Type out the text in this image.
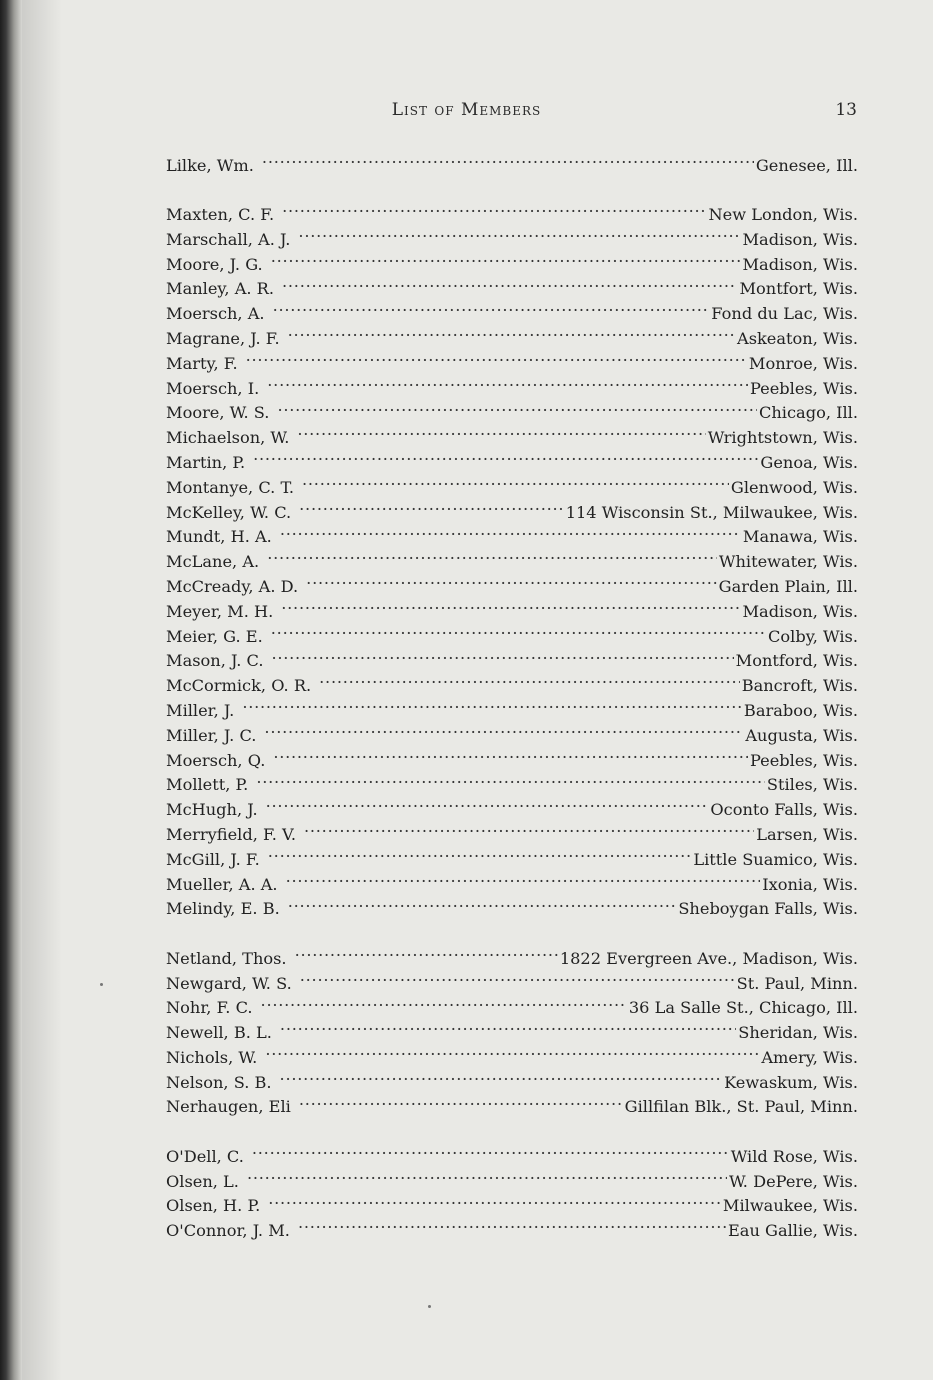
List of Members	13
Lilke, Wm. . . .	Genesee, Ill.
Maxten, C. F. . . .	New London, Wis.
Marschall, A. J. . . .	Madison, Wis.
Moore, J. G. . . .	Madison, Wis.
Manley, A. R. . . .	Montfort, Wis.
Moersch, A. . . .	Fond du Lac, Wis.
Magrane, J. F. . . .	Askeaton, Wis.
Marty, F. . . .	Monroe, Wis.
Moersch, I. . . .	Peebles, Wis.
Moore, W. S. . . .	Chicago, Ill.
Michaelson, W. . . .	Wrightstown, Wis.
Martin, P. . . .	Genoa, Wis.
Montanye, C. T. . . .	Glenwood, Wis.
McKelley, W. C. . . .	114 Wisconsin St., Milwaukee, Wis.
Mundt, H. A. . . .	Manawa, Wis.
McLane, A. . . .	Whitewater, Wis.
McCready, A. D. . . .	Garden Plain, Ill.
Meyer, M. H. . . .	Madison, Wis.
Meier, G. E. . . .	Colby, Wis.
Mason, J. C. . . .	Montford, Wis.
McCormick, O. R. . . .	Bancroft, Wis.
Miller, J. . . .	Baraboo, Wis.
Miller, J. C. . . .	Augusta, Wis.
Moersch, Q. . . .	Peebles, Wis.
Mollett, P. . . .	Stiles, Wis.
McHugh, J. . . .	Oconto Falls, Wis.
Merryfield, F. V. . . .	Larsen, Wis.
McGill, J. F. . . .	Little Suamico, Wis.
Mueller, A. A. . . .	Ixonia, Wis.
Melindy, E. B. . . .	Sheboygan Falls, Wis.
Netland, Thos. . . .	1822 Evergreen Ave., Madison, Wis.
Newgard, W. S. . . .	St. Paul, Minn.
Nohr, F. C. . . .	36 La Salle St., Chicago, Ill.
Newell, B. L. . . .	Sheridan, Wis.
Nichols, W. . . .	Amery, Wis.
Nelson, S. B. . . .	Kewaskum, Wis.
Nerhaugen, Eli . . .	Gillfilan Blk., St. Paul, Minn.
O'Dell, C. . . .	Wild Rose, Wis.
Olsen, L. . . .	W. DePere, Wis.
Olsen, H. P. . . .	Milwaukee, Wis.
O'Connor, J. M. . . .	Eau Gallie, Wis.
